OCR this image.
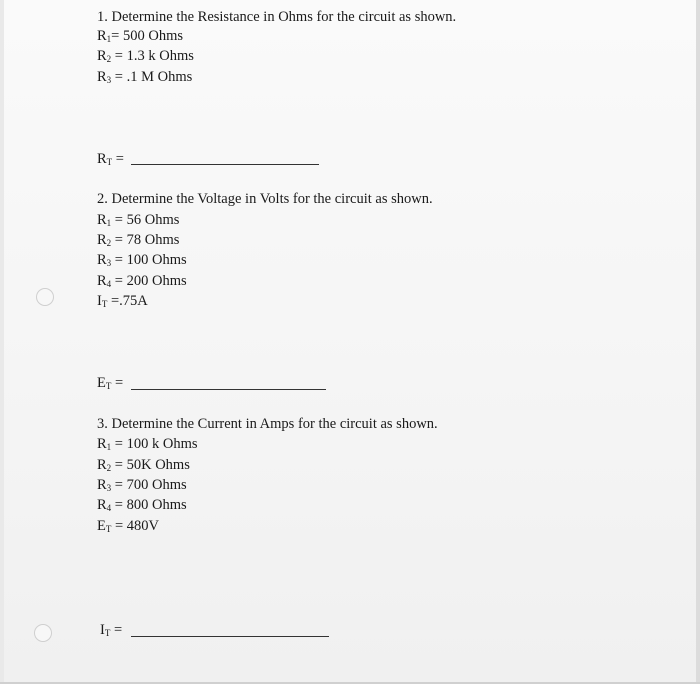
1. Determine the Resistance in Ohms for the circuit as shown.
$R_1= 500$ Ohms
$R_2 = 1.3$ k Ohms
$R_3 = .1$ M Ohms
$R_T$ =
2. Determine the Voltage in Volts for the circuit as shown.
$R_1 = 56$ Ohms
$R_2 = 78$ Ohms
$R_3 = 100$ Ohms
$R_4 = 200$ Ohms
$I_T =.75A$
$E_T$ =
3. Determine the Current in Amps for the circuit as shown.
$R_1 = 100$ k Ohms
$R_2 = 50K$ Ohms
$R_3 = 700$ Ohms
$R_4 = 800$ Ohms
$E_T = 480V$
$I_T$ =
